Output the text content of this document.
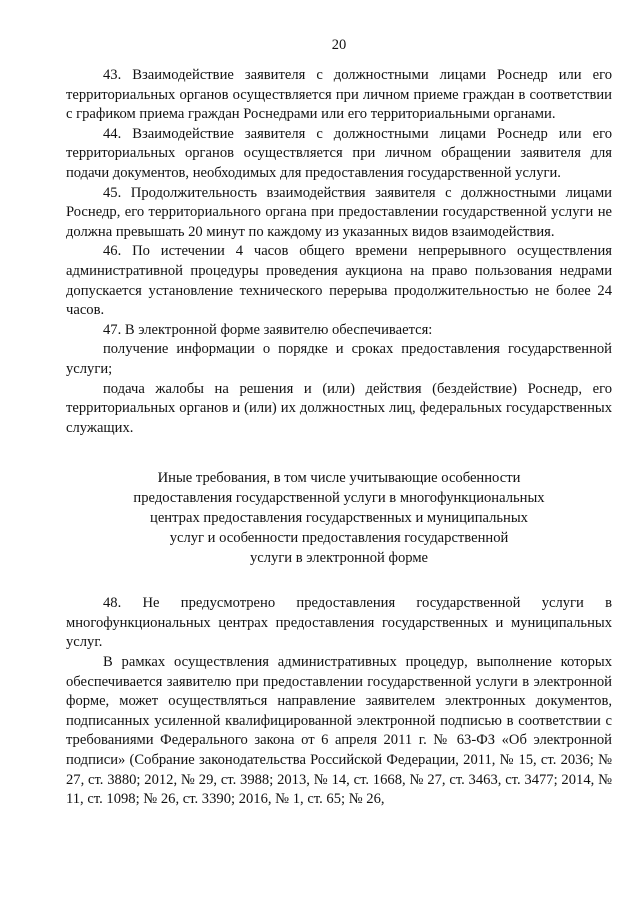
20

43. Взаимодействие заявителя с должностными лицами Роснедр или его территориальных органов осуществляется при личном приеме граждан в соответствии с графиком приема граждан Роснедрами или его территориальными органами.

44. Взаимодействие заявителя с должностными лицами Роснедр или его территориальных органов осуществляется при личном обращении заявителя для подачи документов, необходимых для предоставления государственной услуги.

45. Продолжительность взаимодействия заявителя с должностными лицами Роснедр, его территориального органа при предоставлении государственной услуги не должна превышать 20 минут по каждому из указанных видов взаимодействия.

46. По истечении 4 часов общего времени непрерывного осуществления административной процедуры проведения аукциона на право пользования недрами допускается установление технического перерыва продолжительностью не более 24 часов.

47. В электронной форме заявителю обеспечивается:

получение информации о порядке и сроках предоставления государственной услуги;

подача жалобы на решения и (или) действия (бездействие) Роснедр, его территориальных органов и (или) их должностных лиц, федеральных государственных служащих.

Иные требования, в том числе учитывающие особенности

предоставления государственной услуги в многофункциональных

центрах предоставления государственных и муниципальных

услуг и особенности предоставления государственной

услуги в электронной форме

48. Не предусмотрено предоставления государственной услуги в многофункциональных центрах предоставления государственных и муниципальных услуг.

В рамках осуществления административных процедур, выполнение которых обеспечивается заявителю при предоставлении государственной услуги в электронной форме, может осуществляться направление заявителем электронных документов, подписанных усиленной квалифицированной электронной подписью в соответствии с требованиями Федерального закона от 6 апреля 2011 г. № 63-ФЗ «Об электронной подписи» (Собрание законодательства Российской Федерации, 2011, № 15, ст. 2036; № 27, ст. 3880; 2012, № 29, ст. 3988; 2013, № 14, ст. 1668, № 27, ст. 3463, ст. 3477; 2014, № 11, ст. 1098; № 26, ст. 3390; 2016, № 1, ст. 65; № 26,
